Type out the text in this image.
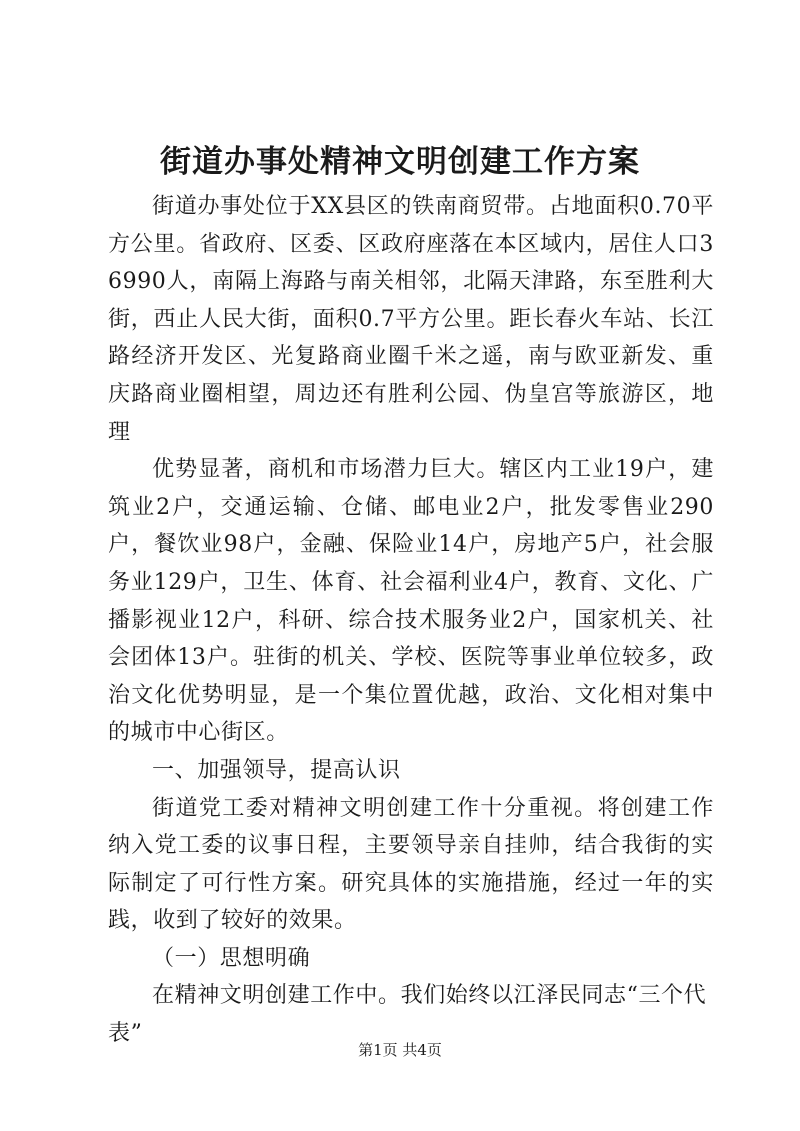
街道办事处精神文明创建工作方案

街道办事处位于XX县区的铁南商贸带。占地面积0.70平方公里。省政府、区委、区政府座落在本区域内，居住人口36990人，南隔上海路与南关相邻，北隔天津路，东至胜利大街，西止人民大街，面积0.7平方公里。距长春火车站、长江路经济开发区、光复路商业圈千米之遥，南与欧亚新发、重庆路商业圈相望，周边还有胜利公园、伪皇宫等旅游区，地理

优势显著，商机和市场潜力巨大。辖区内工业19户，建筑业2户，交通运输、仓储、邮电业2户，批发零售业290户，餐饮业98户，金融、保险业14户，房地产5户，社会服务业129户，卫生、体育、社会福利业4户，教育、文化、广播影视业12户，科研、综合技术服务业2户，国家机关、社会团体13户。驻街的机关、学校、医院等事业单位较多，政治文化优势明显，是一个集位置优越，政治、文化相对集中的城市中心街区。

一、加强领导，提高认识

街道党工委对精神文明创建工作十分重视。将创建工作纳入党工委的议事日程，主要领导亲自挂帅，结合我街的实际制定了可行性方案。研究具体的实施措施，经过一年的实践，收到了较好的效果。

（一）思想明确

在精神文明创建工作中。我们始终以江泽民同志“三个代表”

第1页 共4页
